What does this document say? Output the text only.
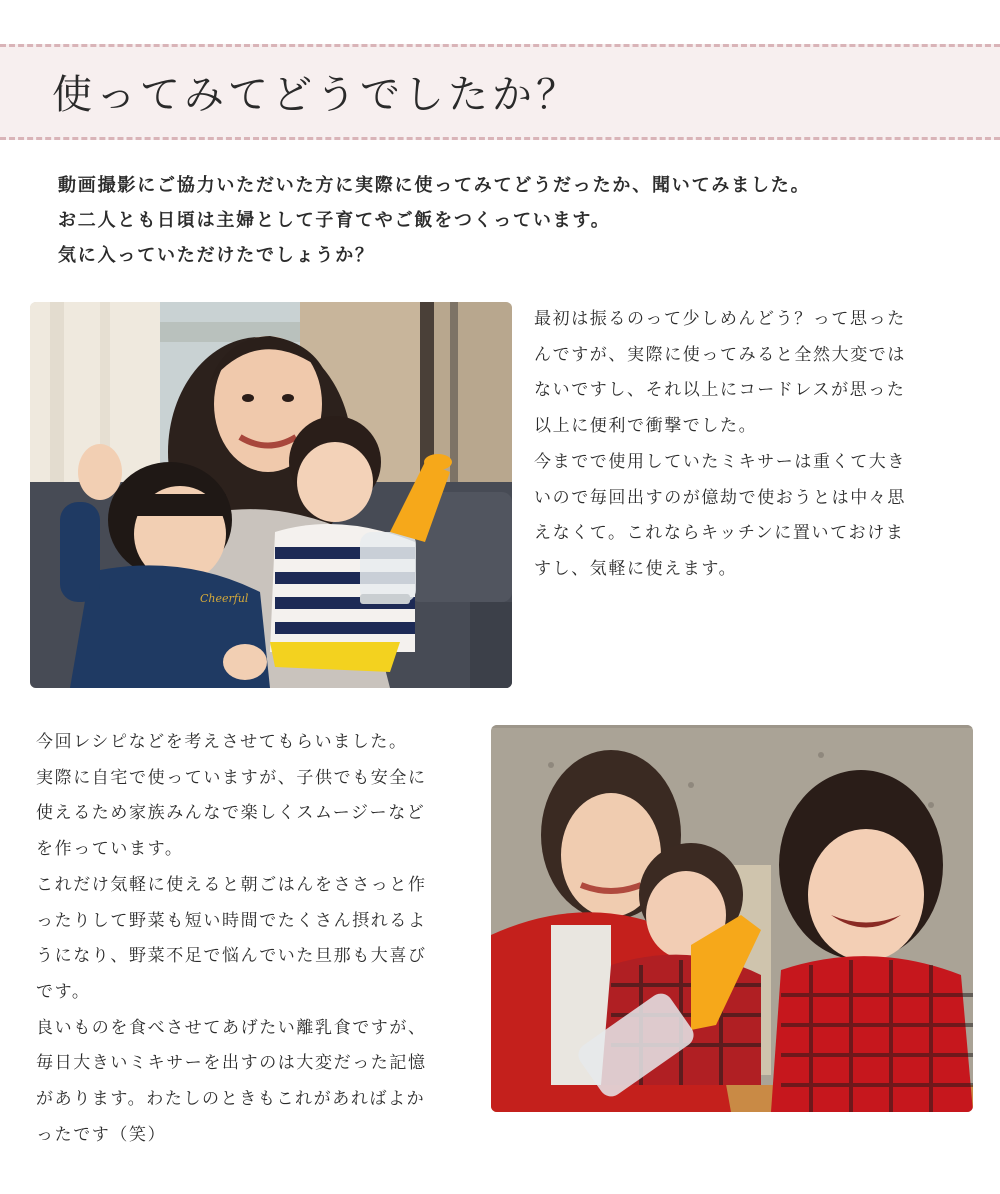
使ってみてどうでしたか？

動画撮影にご協力いただいた方に実際に使ってみてどうだったか、聞いてみました。

お二人とも日頃は主婦として子育てやご飯をつくっています。

気に入っていただけたでしょうか？

Cheerful

最初は振るのって少しめんどう？って思った

んですが、実際に使ってみると全然大変では

ないですし、それ以上にコードレスが思った

以上に便利で衝撃でした。

今までで使用していたミキサーは重くて大き

いので毎回出すのが億劫で使おうとは中々思

えなくて。これならキッチンに置いておけま

すし、気軽に使えます。

今回レシピなどを考えさせてもらいました。

実際に自宅で使っていますが、子供でも安全に

使えるため家族みんなで楽しくスムージーなど

を作っています。

これだけ気軽に使えると朝ごはんをささっと作

ったりして野菜も短い時間でたくさん摂れるよ

うになり、野菜不足で悩んでいた旦那も大喜び

です。

良いものを食べさせてあげたい離乳食ですが、

毎日大きいミキサーを出すのは大変だった記憶

があります。わたしのときもこれがあればよか

ったです（笑）
